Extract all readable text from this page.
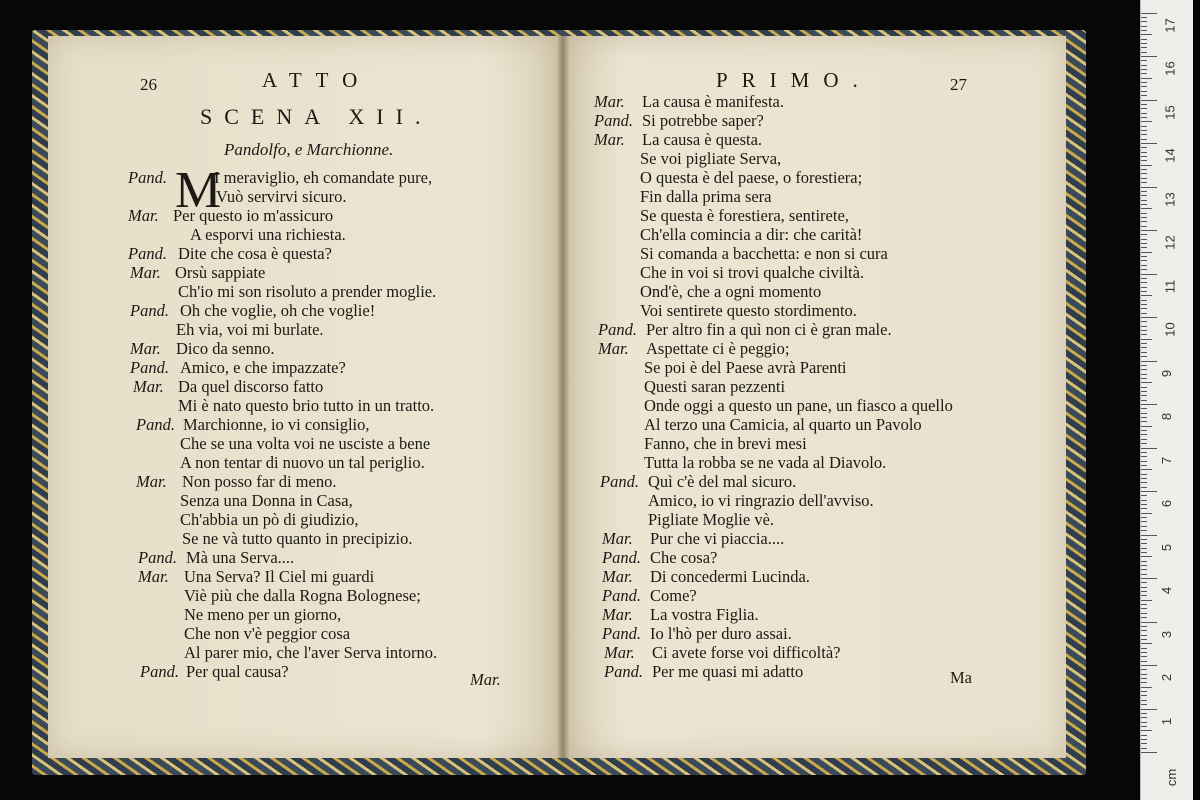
26	ATTO
SCENA XII.
Pandolfo, e Marchionne.
M
PRIMO.	27
Pand.	I meraviglio, eh comandate pure,
Vuò servirvi sicuro.
Mar. Per questo io m'assicuro
A esporvi una richiesta.
Pand. Dite che cosa è questa?
Mar. Orsù sappiate
Ch'io mi son risoluto a prender moglie.
Pand. Oh che voglie, oh che voglie!
Eh via, voi mi burlate.
Mar. Dico da senno.
Pand. Amico, e che impazzate?
Mar. Da quel discorso fatto
Mi è nato questo brio tutto in un tratto.
Pand. Marchionne, io vi consiglio,
Che se una volta voi ne usciste a bene
A non tentar di nuovo un tal periglio.
Mar. Non posso far di meno.
Senza una Donna in Casa,
Ch'abbia un pò di giudizio,
Se ne và tutto quanto in precipizio.
Pand. Mà una Serva....
Mar. Una Serva? Il Ciel mi guardi
Viè più che dalla Rogna Bolognese;
Ne meno per un giorno,
Che non v'è peggior cosa
Al parer mio, che l'aver Serva intorno.
Pand. Per qual causa?
Mar. La causa è manifesta.
Pand. Si potrebbe saper?
Mar. La causa è questa.
Se voi pigliate Serva,
O questa è del paese, o forestiera;
Fin dalla prima sera
Se questa è forestiera, sentirete,
Ch'ella comincia a dir: che carità!
Si comanda a bacchetta: e non si cura
Che in voi si trovi qualche civiltà.
Ond'è, che a ogni momento
Voi sentirete questo stordimento.
Pand. Per altro fin a quì non ci è gran male.
Mar. Aspettate ci è peggio;
Se poi è del Paese avrà Parenti
Questi saran pezzenti
Onde oggi a questo un pane, un fiasco a quello
Al terzo una Camicia, al quarto un Pavolo
Fanno, che in brevi mesi
Tutta la robba se ne vada al Diavolo.
Pand. Quì c'è del mal sicuro.
Amico, io vi ringrazio dell'avviso.
Pigliate Moglie vè.
Mar. Pur che vi piaccia....
Pand. Che cosa?
Mar. Di concedermi Lucinda.
Pand. Come?
Mar. La vostra Figlia.
Pand. Io l'hò per duro assai.
Mar. Ci avete forse voi difficoltà?
Pand. Per me quasi mi adatto
Mar.	Ma
1
2
3
4
5
6
7
8
9
10
11
12
13
14
15
16
17
cm
